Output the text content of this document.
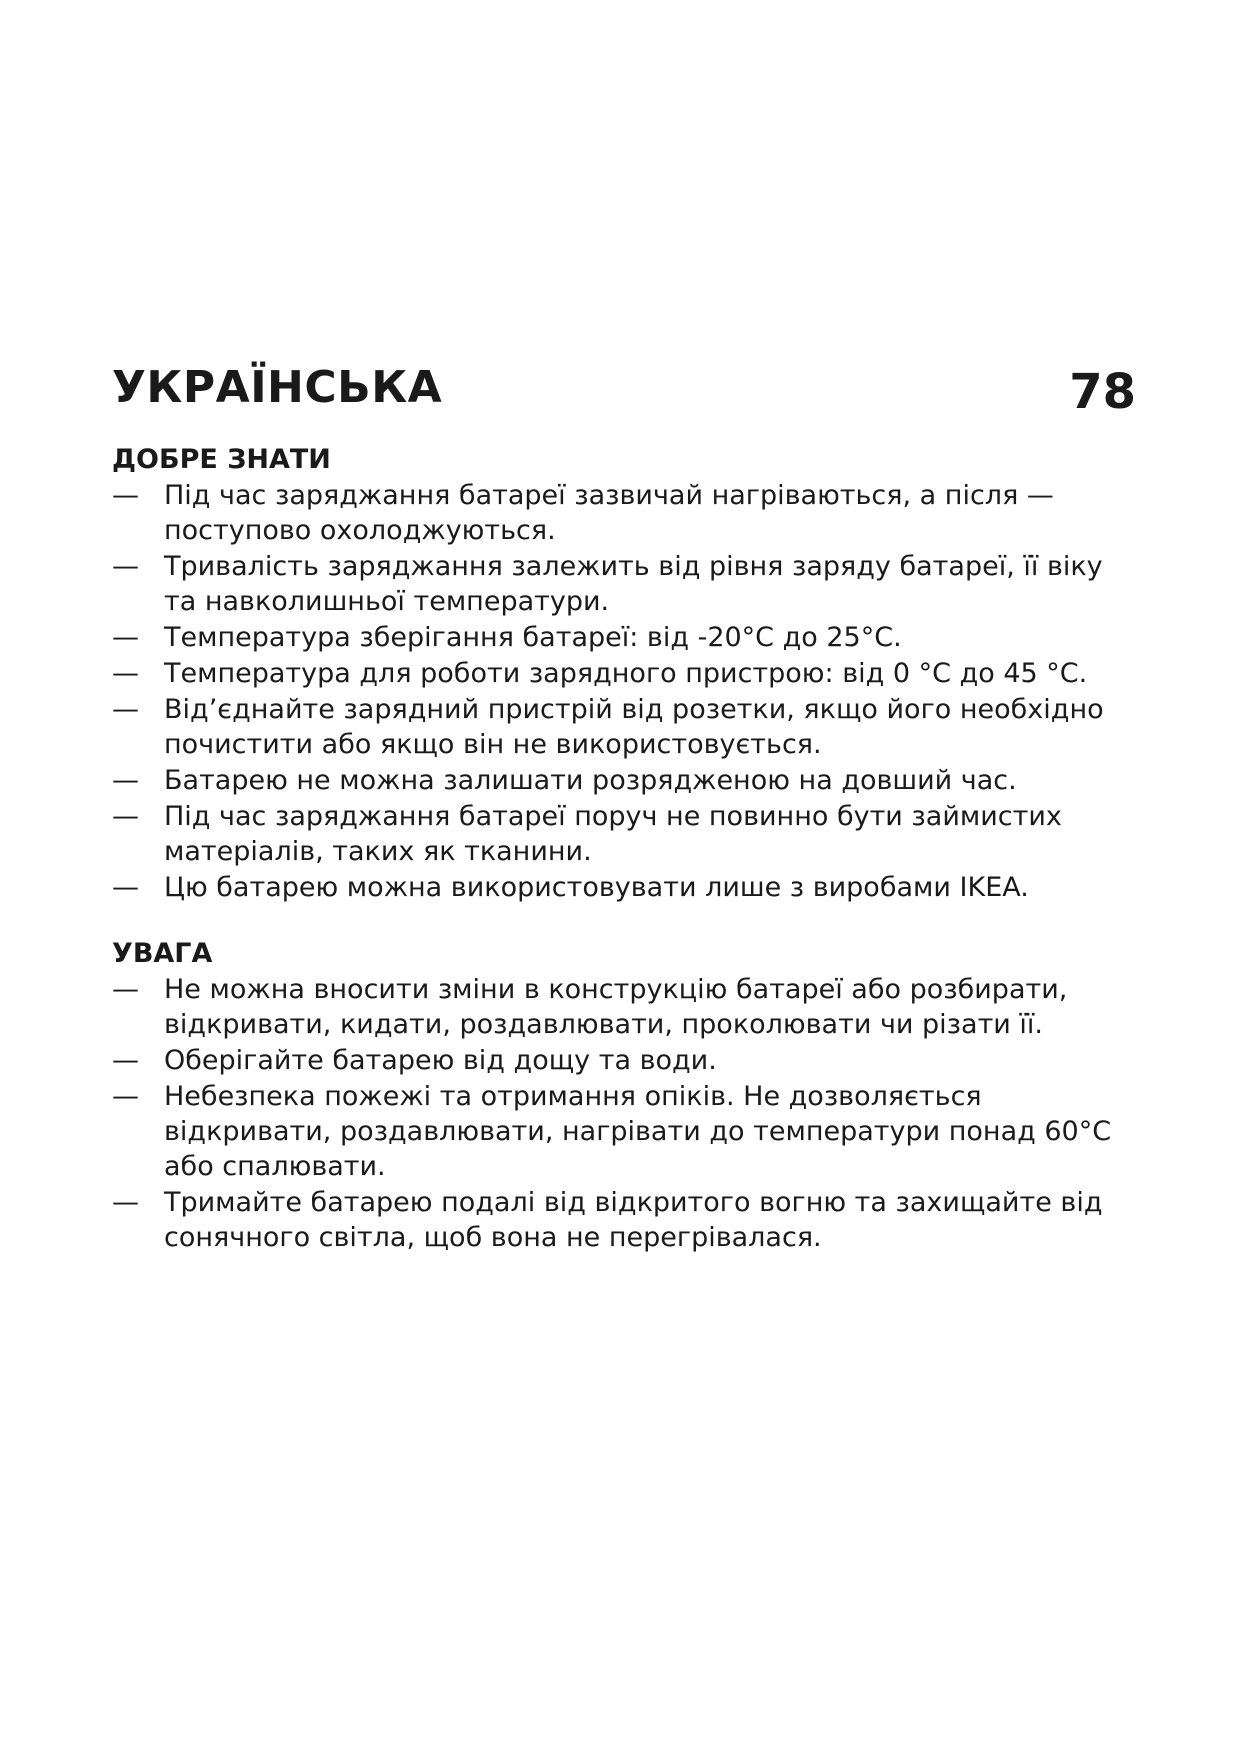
УКРАЇНСЬКА	78
ДОБРЕ ЗНАТИ
— Під час заряджання батареї зазвичай нагріваються, а після — поступово охолоджуються.
— Тривалість заряджання залежить від рівня заряду батареї, її віку та навколишньої температури.
— Температура зберігання батареї: від -20°C до 25°C.
— Температура для роботи зарядного пристрою: від 0 °C до 45 °C.
— Від’єднайте зарядний пристрій від розетки, якщо його необхідно почистити або якщо він не використовується.
— Батарею не можна залишати розрядженою на довший час.
— Під час заряджання батареї поруч не повинно бути займистих матеріалів, таких як тканини.
— Цю батарею можна використовувати лише з виробами IKEA.
УВАГА
— Не можна вносити зміни в конструкцію батареї або розбирати, відкривати, кидати, роздавлювати, проколювати чи різати її.
— Оберігайте батарею від дощу та води.
— Небезпека пожежі та отримання опіків. Не дозволяється відкривати, роздавлювати, нагрівати до температури понад 60°C або спалювати.
— Тримайте батарею подалі від відкритого вогню та захищайте від сонячного світла, щоб вона не перегрівалася.
